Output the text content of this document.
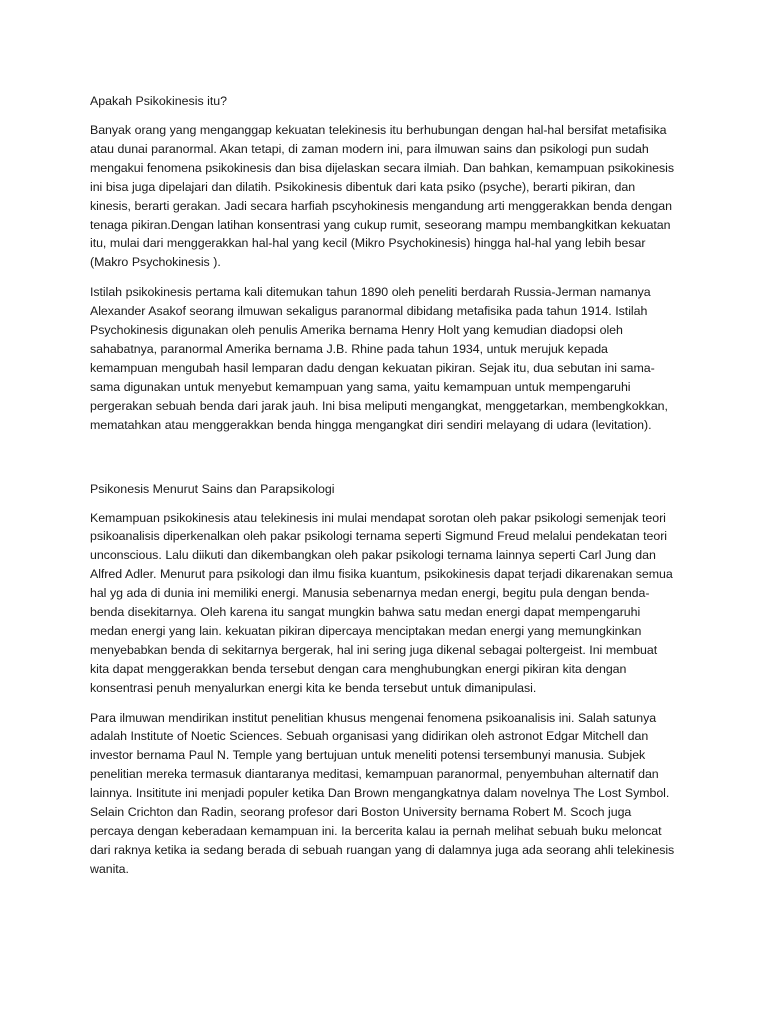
Apakah Psikokinesis itu?

Banyak orang yang menganggap kekuatan telekinesis itu berhubungan dengan hal-hal bersifat metafisika atau dunai paranormal. Akan tetapi, di zaman modern ini, para ilmuwan sains dan psikologi pun sudah mengakui fenomena psikokinesis dan bisa dijelaskan secara ilmiah. Dan bahkan, kemampuan psikokinesis ini bisa juga dipelajari dan dilatih. Psikokinesis dibentuk dari kata psiko (psyche), berarti pikiran, dan kinesis, berarti gerakan. Jadi secara harfiah pscyhokinesis mengandung arti menggerakkan benda dengan tenaga pikiran.Dengan latihan konsentrasi yang cukup rumit, seseorang mampu membangkitkan kekuatan itu, mulai dari menggerakkan hal-hal yang kecil (Mikro Psychokinesis) hingga hal-hal yang lebih besar (Makro Psychokinesis ).

Istilah psikokinesis pertama kali ditemukan tahun 1890 oleh peneliti berdarah Russia-Jerman namanya Alexander Asakof seorang ilmuwan sekaligus paranormal dibidang metafisika pada tahun 1914. Istilah Psychokinesis digunakan oleh penulis Amerika bernama Henry Holt yang kemudian diadopsi oleh sahabatnya, paranormal Amerika bernama J.B. Rhine pada tahun 1934, untuk merujuk kepada kemampuan mengubah hasil lemparan dadu dengan kekuatan pikiran. Sejak itu, dua sebutan ini sama-sama digunakan untuk menyebut kemampuan yang sama, yaitu kemampuan untuk mempengaruhi pergerakan sebuah benda dari jarak jauh. Ini bisa meliputi mengangkat, menggetarkan, membengkokkan, mematahkan atau menggerakkan benda hingga mengangkat diri sendiri melayang di udara (levitation).

Psikonesis Menurut Sains dan Parapsikologi

Kemampuan psikokinesis atau telekinesis ini mulai mendapat sorotan oleh pakar psikologi semenjak teori psikoanalisis diperkenalkan oleh pakar psikologi ternama seperti Sigmund Freud melalui pendekatan teori unconscious. Lalu diikuti dan dikembangkan oleh pakar psikologi ternama lainnya seperti Carl Jung dan Alfred Adler. Menurut para psikologi dan ilmu fisika kuantum, psikokinesis dapat terjadi dikarenakan semua hal yg ada di dunia ini memiliki energi. Manusia sebenarnya medan energi, begitu pula dengan benda-benda disekitarnya. Oleh karena itu sangat mungkin bahwa satu medan energi dapat mempengaruhi medan energi yang lain. kekuatan pikiran dipercaya menciptakan medan energi yang memungkinkan menyebabkan benda di sekitarnya bergerak, hal ini sering juga dikenal sebagai poltergeist. Ini membuat kita dapat menggerakkan benda tersebut dengan cara menghubungkan energi pikiran kita dengan konsentrasi penuh menyalurkan energi kita ke benda tersebut untuk dimanipulasi.

Para ilmuwan mendirikan institut penelitian khusus mengenai fenomena psikoanalisis ini. Salah satunya adalah Institute of Noetic Sciences. Sebuah organisasi yang didirikan oleh astronot Edgar Mitchell dan investor bernama Paul N. Temple yang bertujuan untuk meneliti potensi tersembunyi manusia. Subjek penelitian mereka termasuk diantaranya meditasi, kemampuan paranormal, penyembuhan alternatif dan lainnya. Insititute ini menjadi populer ketika Dan Brown mengangkatnya dalam novelnya The Lost Symbol. Selain Crichton dan Radin, seorang profesor dari Boston University bernama Robert M. Scoch juga percaya dengan keberadaan kemampuan ini. Ia bercerita kalau ia pernah melihat sebuah buku meloncat dari raknya ketika ia sedang berada di sebuah ruangan yang di dalamnya juga ada seorang ahli telekinesis wanita.
